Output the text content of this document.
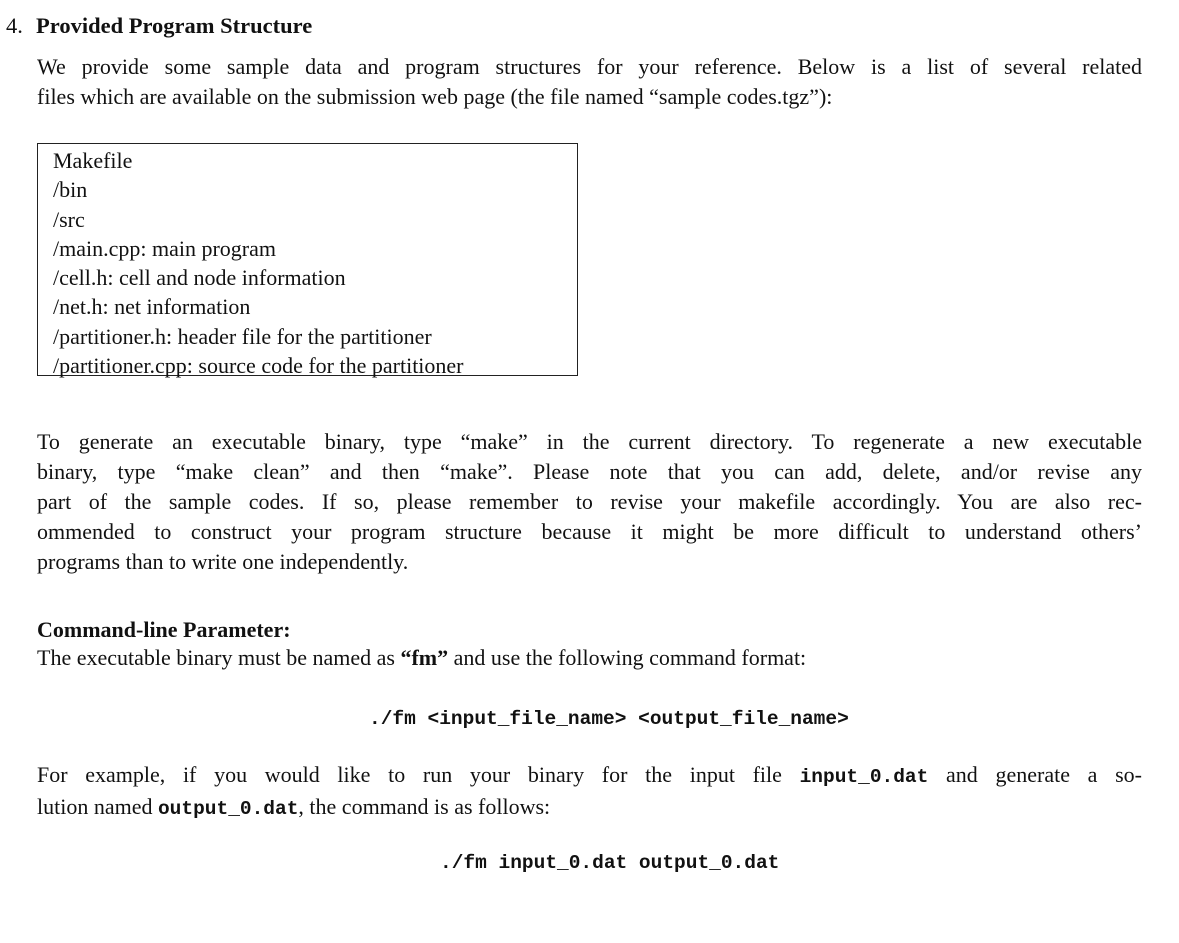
4. Provided Program Structure
We provide some sample data and program structures for your reference. Below is a list of several related
files which are available on the submission web page (the file named “sample codes.tgz”):
Makefile
/bin
/src
/main.cpp: main program
/cell.h: cell and node information
/net.h: net information
/partitioner.h: header file for the partitioner
/partitioner.cpp: source code for the partitioner
To generate an executable binary, type “make” in the current directory. To regenerate a new executable
binary, type “make clean” and then “make”. Please note that you can add, delete, and/or revise any
part of the sample codes. If so, please remember to revise your makefile accordingly. You are also rec-
ommended to construct your program structure because it might be more difficult to understand others’
programs than to write one independently.
Command-line Parameter:
The executable binary must be named as “fm” and use the following command format:
./fm <input_file_name> <output_file_name>
For example, if you would like to run your binary for the input file input_0.dat and generate a so-
lution named output_0.dat, the command is as follows:
./fm input_0.dat output_0.dat
